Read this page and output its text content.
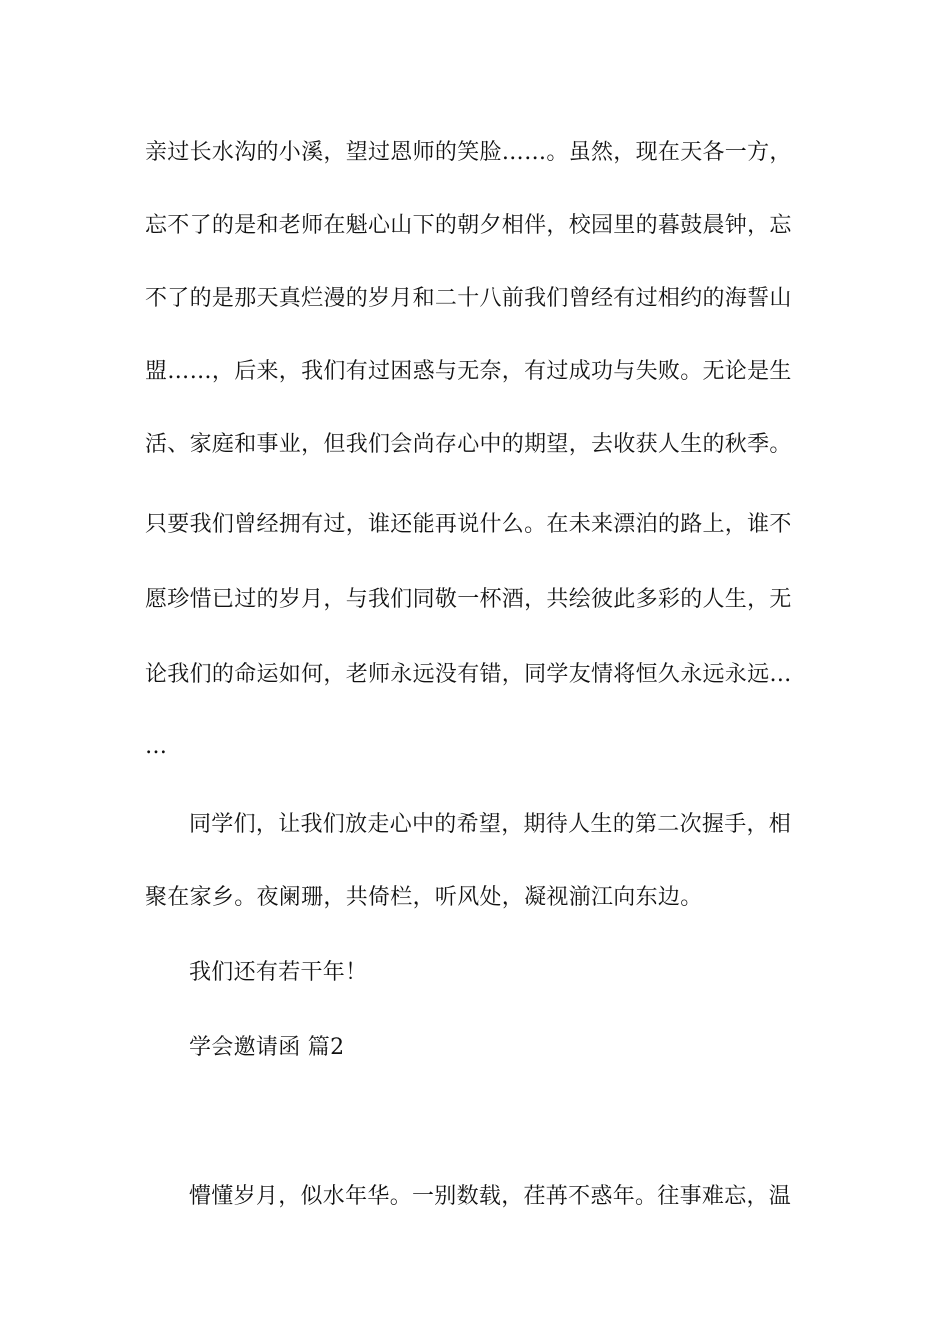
亲过长水沟的小溪，望过恩师的笑脸……。虽然，现在天各一方，
忘不了的是和老师在魁心山下的朝夕相伴，校园里的暮鼓晨钟，忘
不了的是那天真烂漫的岁月和二十八前我们曾经有过相约的海誓山
盟……，后来，我们有过困惑与无奈，有过成功与失败。无论是生
活、家庭和事业，但我们会尚存心中的期望，去收获人生的秋季。
只要我们曾经拥有过，谁还能再说什么。在未来漂泊的路上，谁不
愿珍惜已过的岁月，与我们同敬一杯酒，共绘彼此多彩的人生，无
论我们的命运如何，老师永远没有错，同学友情将恒久永远永远…
…
同学们，让我们放走心中的希望，期待人生的第二次握手，相
聚在家乡。夜阑珊，共倚栏，听风处，凝视湔江向东边。
我们还有若干年！
学会邀请函 篇2
懵懂岁月，似水年华。一别数载，荏苒不惑年。往事难忘，温
